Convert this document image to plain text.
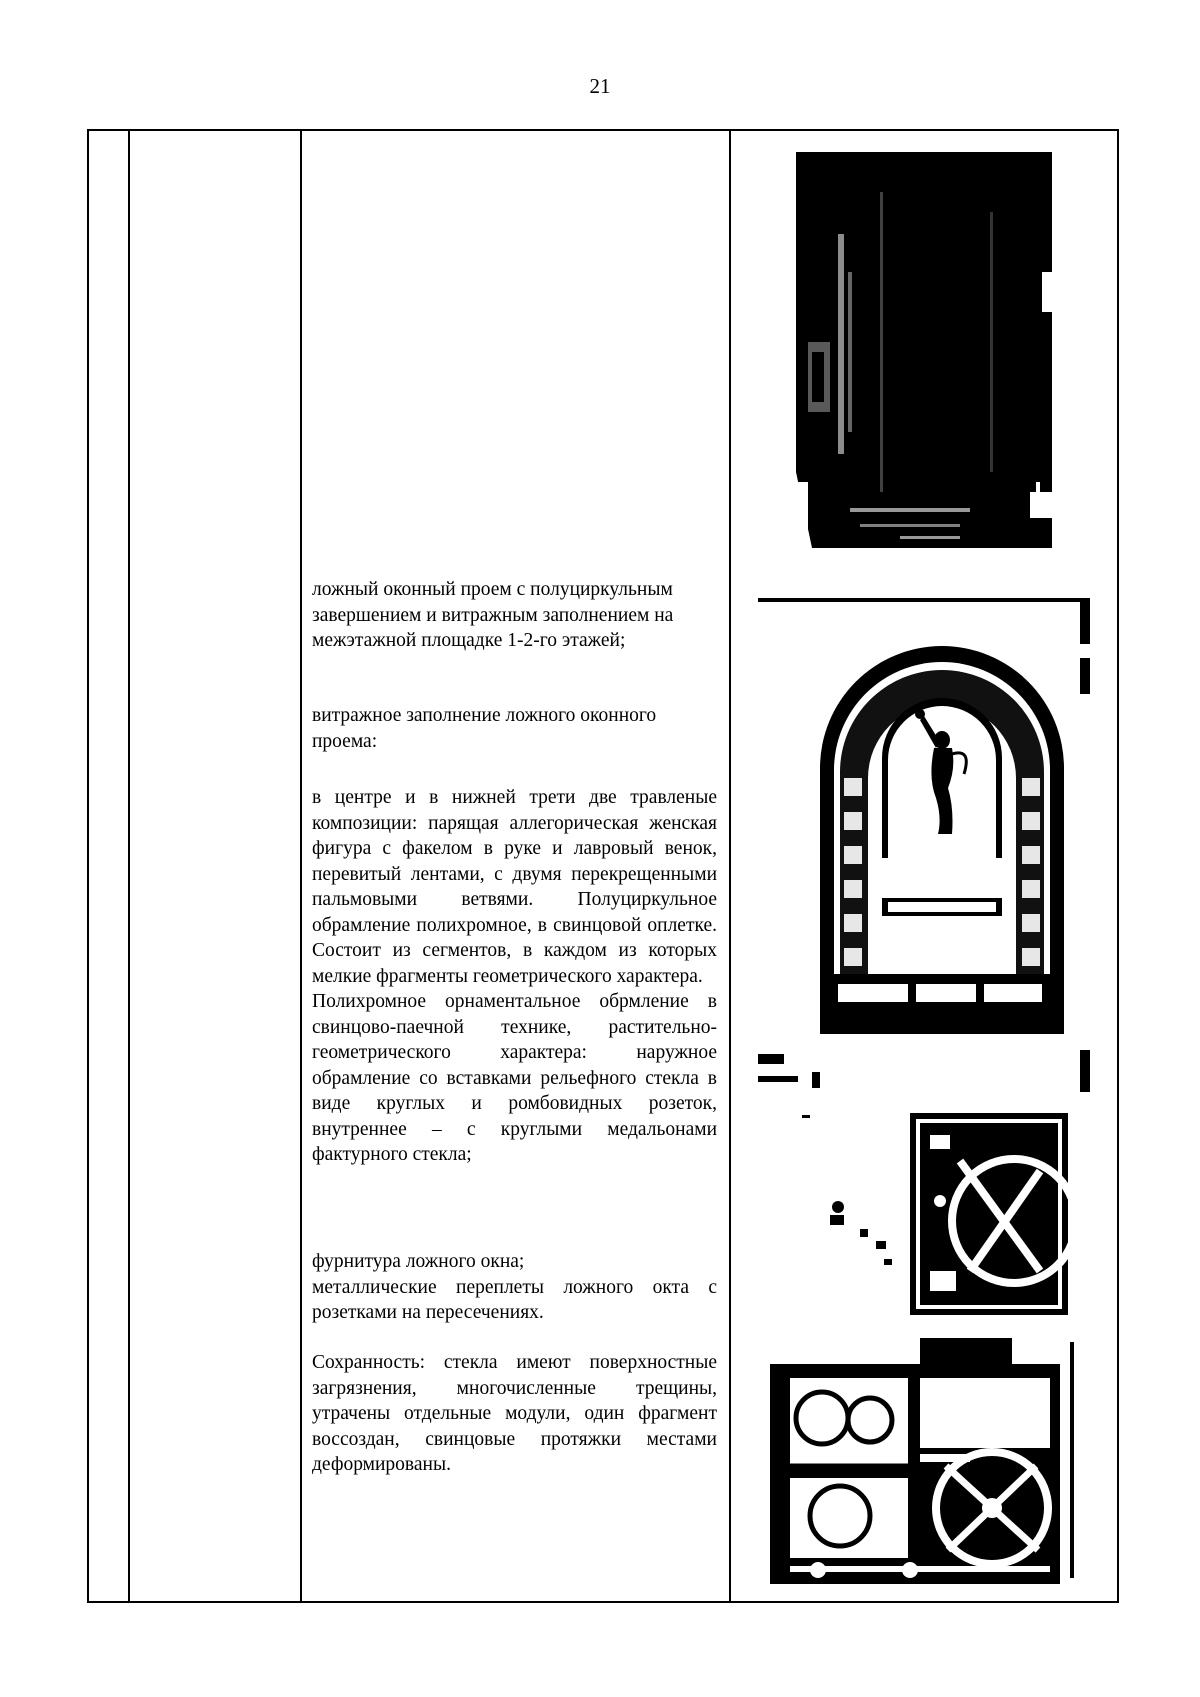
21

ложный оконный проем с полуциркульным завершением и витражным заполнением на межэтажной площадке 1-2-го этажей;

витражное заполнение ложного оконного проема:

в центре и в нижней трети две травленые композиции: парящая аллегорическая женская фигура с факелом в руке и лавровый венок, перевитый лентами, с двумя перекрещенными пальмовыми ветвями. Полуциркульное обрамление полихромное, в свинцовой оплетке. Состоит из сегментов, в каждом из которых мелкие фрагменты геометрического характера.

Полихромное орнаментальное обрмление в свинцово-паечной технике, растительно-геометрического характера: наружное обрамление со вставками рельефного стекла в виде круглых и ромбовидных розеток, внутреннее – с круглыми медальонами фактурного стекла;

фурнитура ложного окна;

металлические переплеты ложного окта с розетками на пересечениях.

Сохранность: стекла имеют поверхностные загрязнения, многочисленные трещины, утрачены отдельные модули, один фрагмент воссоздан, свинцовые протяжки местами деформированы.
